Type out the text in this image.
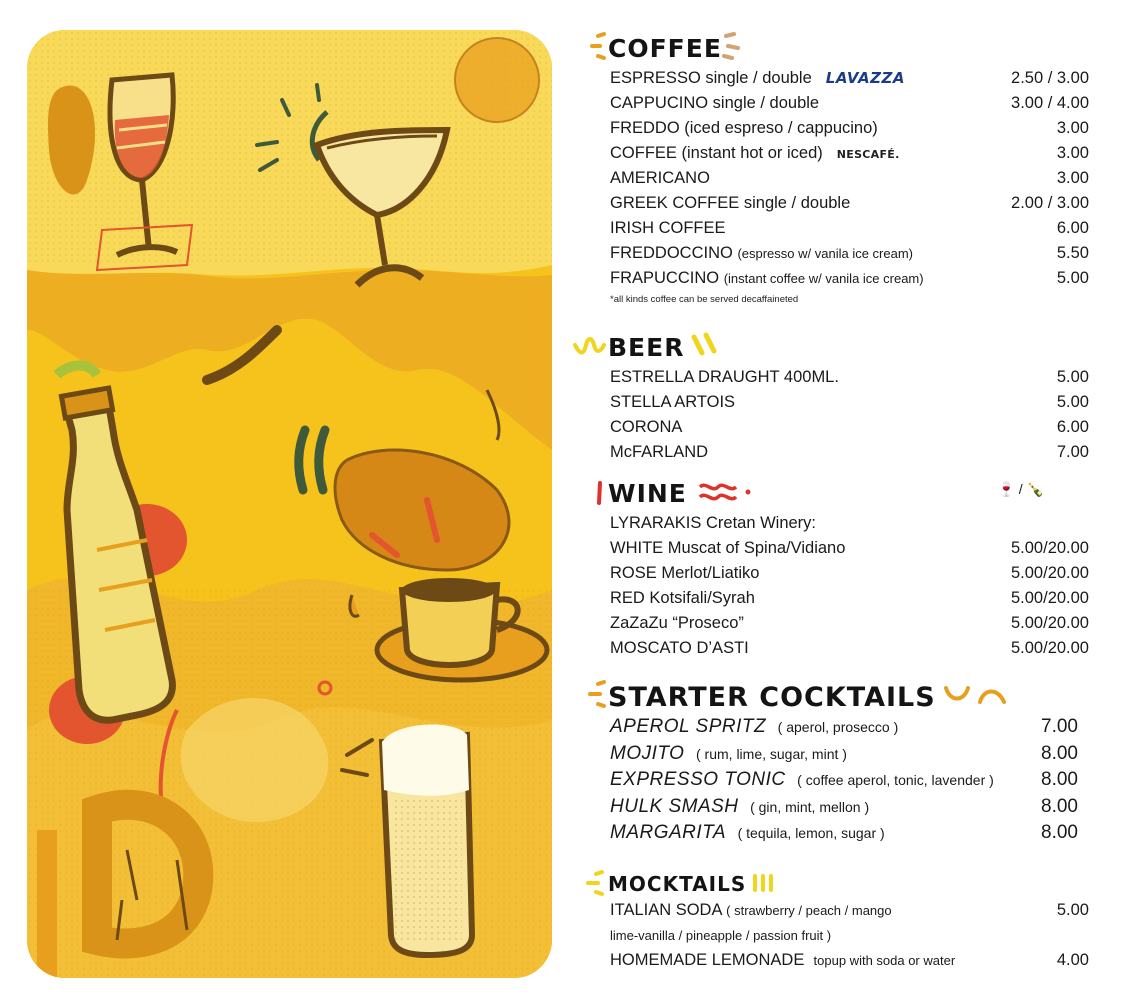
COFFEE
ESPRESSO single / double LAVAZZA	2.50 / 3.00
CAPPUCINO single / double	3.00 / 4.00
FREDDO (iced espreso / cappucino)	3.00
COFFEE (instant hot or iced) NESCAFÉ.	3.00
AMERICANO	3.00
GREEK COFFEE single / double	2.00 / 3.00
IRISH COFFEE	6.00
FREDDOCCINO (espresso w/ vanila ice cream)	5.50
FRAPUCCINO (instant coffee w/ vanila ice cream)	5.00
*all kinds coffee can be served decaffaineted
BEER
ESTRELLA DRAUGHT 400ML.	5.00
STELLA ARTOIS	5.00
CORONA	6.00
McFARLAND	7.00
WINE	🍷 / 🍾
LYRARAKIS Cretan Winery:
WHITE Muscat of Spina/Vidiano	5.00/20.00
ROSE Merlot/Liatiko	5.00/20.00
RED Kotsifali/Syrah	5.00/20.00
ZaZaZu “Proseco”	5.00/20.00
MOSCATO D’ASTI	5.00/20.00
STARTER COCKTAILS
APEROL SPRITZ ( aperol, prosecco )	7.00
MOJITO ( rum, lime, sugar, mint )	8.00
EXPRESSO TONIC ( coffee aperol, tonic, lavender ) 8.00
HULK SMASH ( gin, mint, mellon )	8.00
MARGARITA ( tequila, lemon, sugar )	8.00
MOCKTAILS
ITALIAN SODA ( strawberry / peach / mango	5.00
lime-vanilla / pineapple / passion fruit )
HOMEMADE LEMONADE topup with soda or water	4.00
